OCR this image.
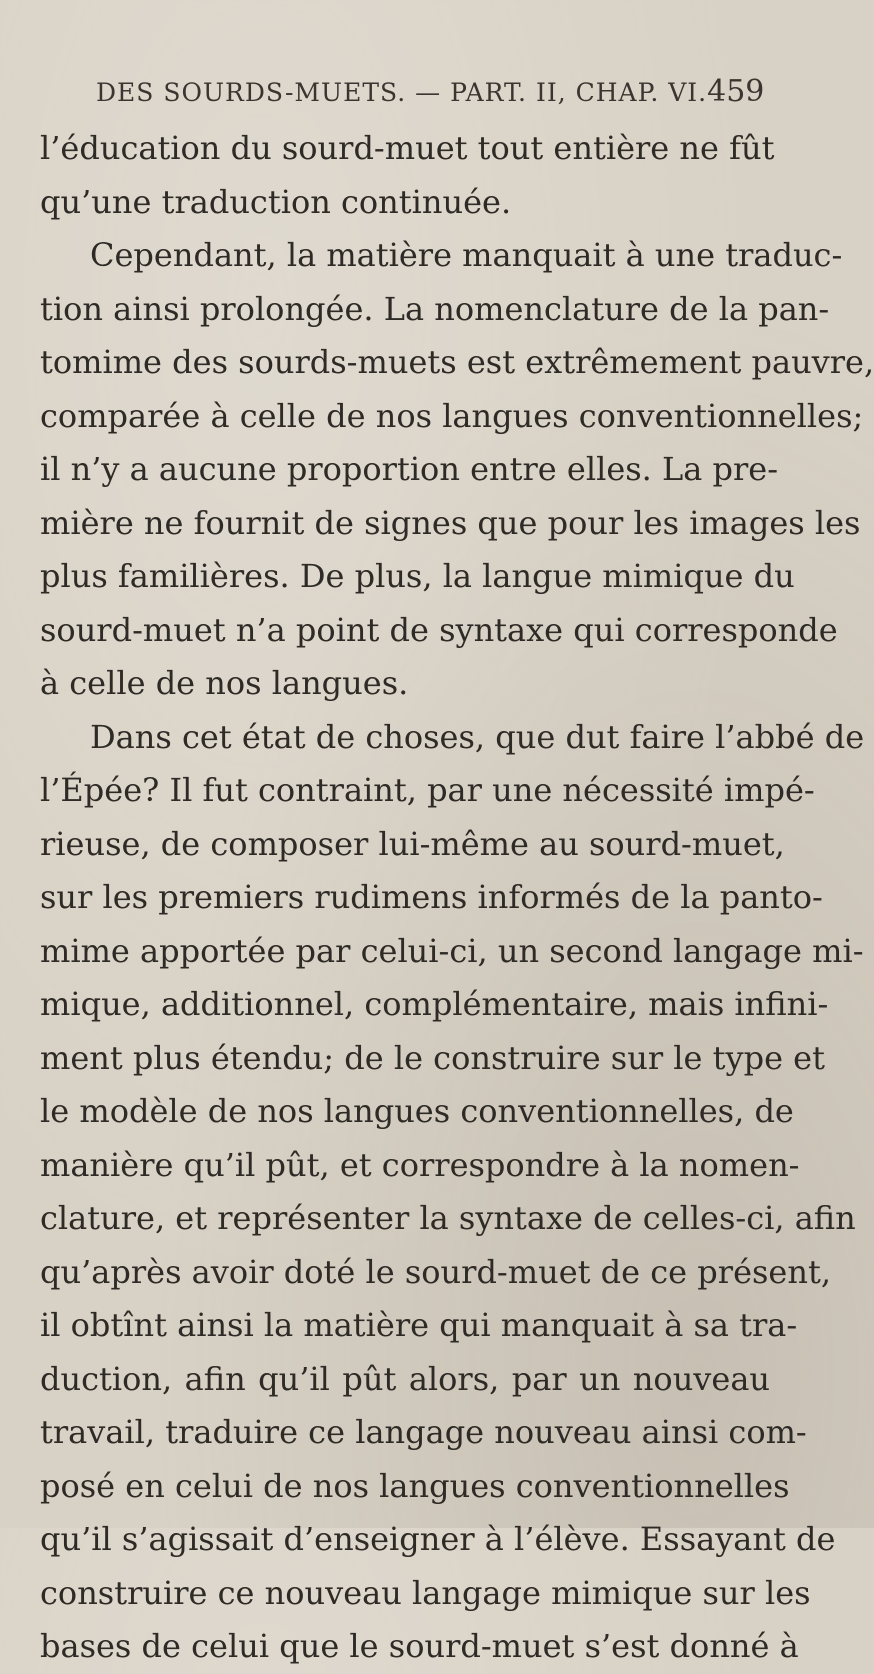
DES SOURDS-MUETS. — PART. II, CHAP. VI. 459
l’éducation du sourd-muet tout entière ne fût
qu’une traduction continuée.
Cependant, la matière manquait à une traduc-
tion ainsi prolongée. La nomenclature de la pan-
tomime des sourds-muets est extrêmement pauvre,
comparée à celle de nos langues conventionnelles;
il n’y a aucune proportion entre elles. La pre-
mière ne fournit de signes que pour les images les
plus familières. De plus, la langue mimique du
sourd-muet n’a point de syntaxe qui corresponde
à celle de nos langues.
Dans cet état de choses, que dut faire l’abbé de
l’Épée? Il fut contraint, par une nécessité impé-
rieuse, de composer lui-même au sourd-muet,
sur les premiers rudimens informés de la panto-
mime apportée par celui-ci, un second langage mi-
mique, additionnel, complémentaire, mais infini-
ment plus étendu; de le construire sur le type et
le modèle de nos langues conventionnelles, de
manière qu’il pût, et correspondre à la nomen-
clature, et représenter la syntaxe de celles-ci, afin
qu’après avoir doté le sourd-muet de ce présent,
il obtînt ainsi la matière qui manquait à sa tra-
duction, afin qu’il pût alors, par un nouveau
travail, traduire ce langage nouveau ainsi com-
posé en celui de nos langues conventionnelles
qu’il s’agissait d’enseigner à l’élève. Essayant de
construire ce nouveau langage mimique sur les
bases de celui que le sourd-muet s’est donné à
